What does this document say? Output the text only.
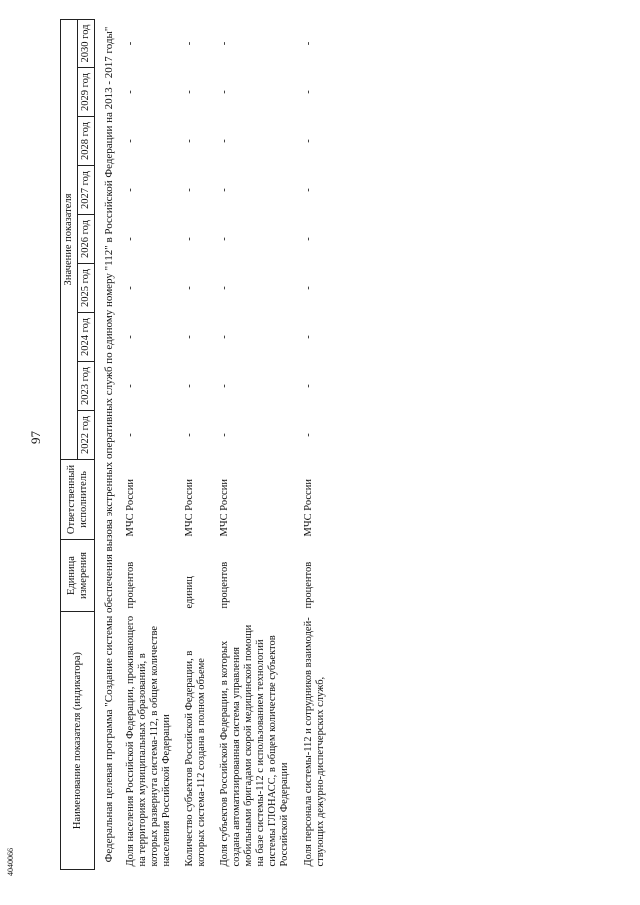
97
4040066
Наименование показателя (индикатора)	Единица измерения	Ответственный исполнитель	Значение показателя								
			2022 год	2023 год	2024 год	2025 год	2026 год	2027 год	2028 год	2029 год	2030 год
Федеральная целевая программа "Создание системы обеспечения вызова экстренных оперативных служб по единому номеру "112" в Российской Федерации на 2013 - 2017 годы"											
Доля населения Российской Федерации, проживающего на территориях муниципальных образований, в которых развернута система-112, в общем количестве населения Российской Федерации	процентов	МЧС России	-	-	-	-	-	-	-	-	-
Количество субъектов Российской Федерации, в которых система-112 создана в полном объеме	единиц	МЧС России	-	-	-	-	-	-	-	-	-
Доля субъектов Российской Федерации, в которых создана автоматизированная система управления мобильными бригадами скорой медицинской помощи на базе системы-112 с использованием технологий системы ГЛОНАСС, в общем количестве субъектов Российской Федерации	процентов	МЧС России	-	-	-	-	-	-	-	-	-
Доля персонала системы-112 и сотрудников взаимодей-ствующих дежурно-диспетчерских служб,	процентов	МЧС России	-	-	-	-	-	-	-	-	-
